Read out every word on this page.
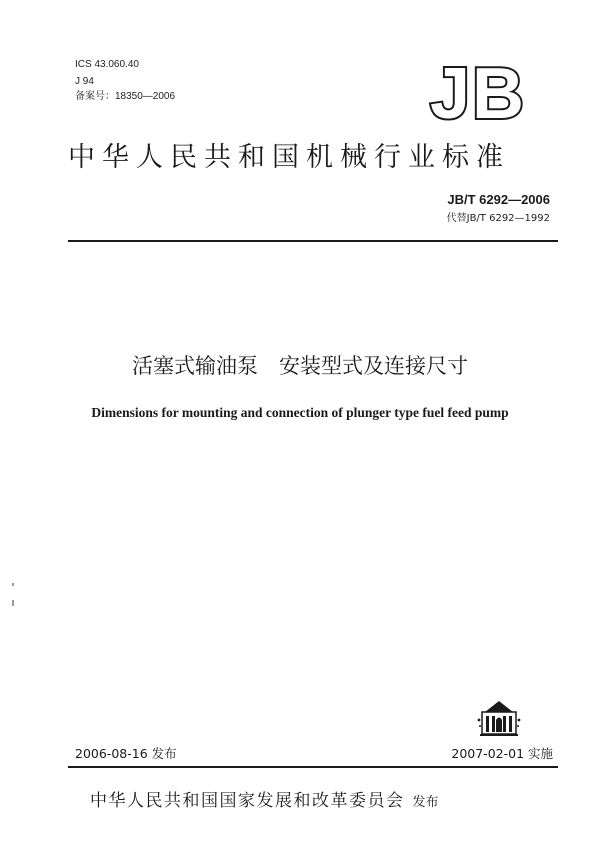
ICS 43.060.40
J 94
备案号：18350—2006	JB
中华人民共和国机械行业标准
JB/T 6292—2006
代替JB/T 6292—1992
活塞式输油泵　安装型式及连接尺寸
Dimensions for mounting and connection of plunger type fuel feed pump
2006-08-16 发布	2007-02-01 实施
中华人民共和国国家发展和改革委员会 发布
